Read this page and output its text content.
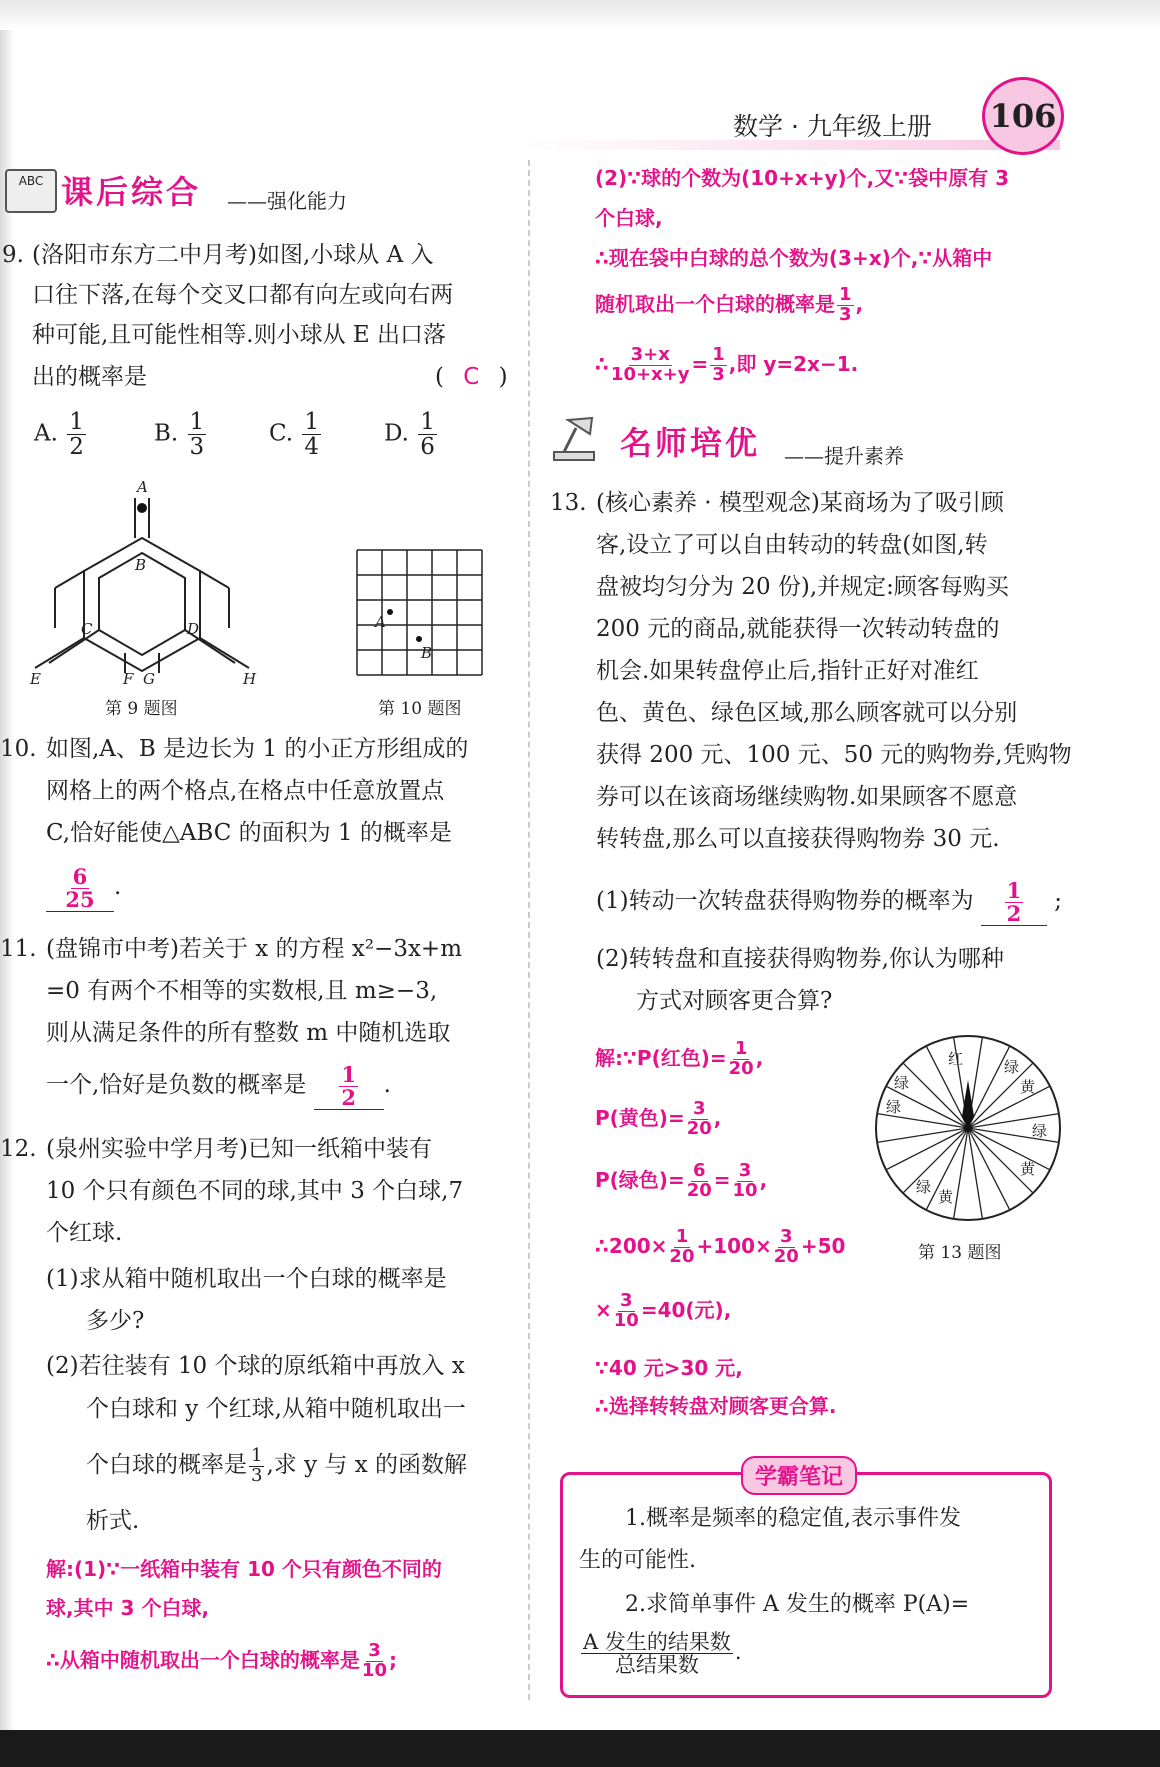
数学 · 九年级上册 106
ABC 课后综合 ——强化能力
9. (洛阳市东方二中月考)如图,小球从 A 入
口往下落,在每个交叉口都有向左或向右两
种可能,且可能性相等.则小球从 E 出口落
出的概率是	( C )
A. $\frac{1}{2}$	B. $\frac{1}{3}$	C. $\frac{1}{4}$	D. $\frac{1}{6}$
A
B
C	D
E	F G	H
第 9 题图
A
B
第 10 题图
10. 如图,A、B 是边长为 1 的小正方形组成的
网格上的两个格点,在格点中任意放置点
C,恰好能使△ABC 的面积为 1 的概率是
$\frac{6}{25}$ .
11. (盘锦市中考)若关于 x 的方程 x²−3x+m
=0 有两个不相等的实数根,且 m≥−3,
则从满足条件的所有整数 m 中随机选取
一个,恰好是负数的概率是 $\frac{1}{2}$ .
12. (泉州实验中学月考)已知一纸箱中装有
10 个只有颜色不同的球,其中 3 个白球,7
个红球.
(1)求从箱中随机取出一个白球的概率是
多少?
(2)若往装有 10 个球的原纸箱中再放入 x
个白球和 y 个红球,从箱中随机取出一
个白球的概率是 $\frac{1}{3}$ ,求 y 与 x 的函数解
析式.
解:(1)∵一纸箱中装有 10 个只有颜色不同的
球,其中 3 个白球,
∴从箱中随机取出一个白球的概率是 $\frac{3}{10}$ ;
(2)∵球的个数为(10+x+y)个,又∵袋中原有 3
个白球,
∴现在袋中白球的总个数为(3+x)个,∵从箱中
随机取出一个白球的概率是 $\frac{1}{3}$ ,
∴ $\frac{3+x}{10+x+y} = \frac{1}{3}$ ,即 y=2x−1.
名师培优 ——提升素养
13. (核心素养 · 模型观念)某商场为了吸引顾
客,设立了可以自由转动的转盘(如图,转
盘被均匀分为 20 份),并规定:顾客每购买
200 元的商品,就能获得一次转动转盘的
机会.如果转盘停止后,指针正好对准红
色、黄色、绿色区域,那么顾客就可以分别
获得 200 元、100 元、50 元的购物券,凭购物
券可以在该商场继续购物.如果顾客不愿意
转转盘,那么可以直接获得购物券 30 元.
(1)转动一次转盘获得购物券的概率为 $\frac{1}{2}$ ;
(2)转转盘和直接获得购物券,你认为哪种
方式对顾客更合算?
解:∵P(红色)= $\frac{1}{20}$ ,
P(黄色)= $\frac{3}{20}$ ,
P(绿色)= $\frac{6}{20} = \frac{3}{10}$ ,
∴200× $\frac{1}{20} +100\times \frac{3}{20} +50$
× $\frac{3}{10} =40$(元),
∵40 元>30 元,
∴选择转转盘对顾客更合算.
红	绿
黄
绿
绿
绿
黄
绿
黄
第 13 题图
学霸笔记
1.概率是频率的稳定值,表示事件发
生的可能性.
2.求简单事件 A 发生的概率 P(A)=
$\frac{\text{A 发生的结果数}}{\text{总结果数}}$ .
